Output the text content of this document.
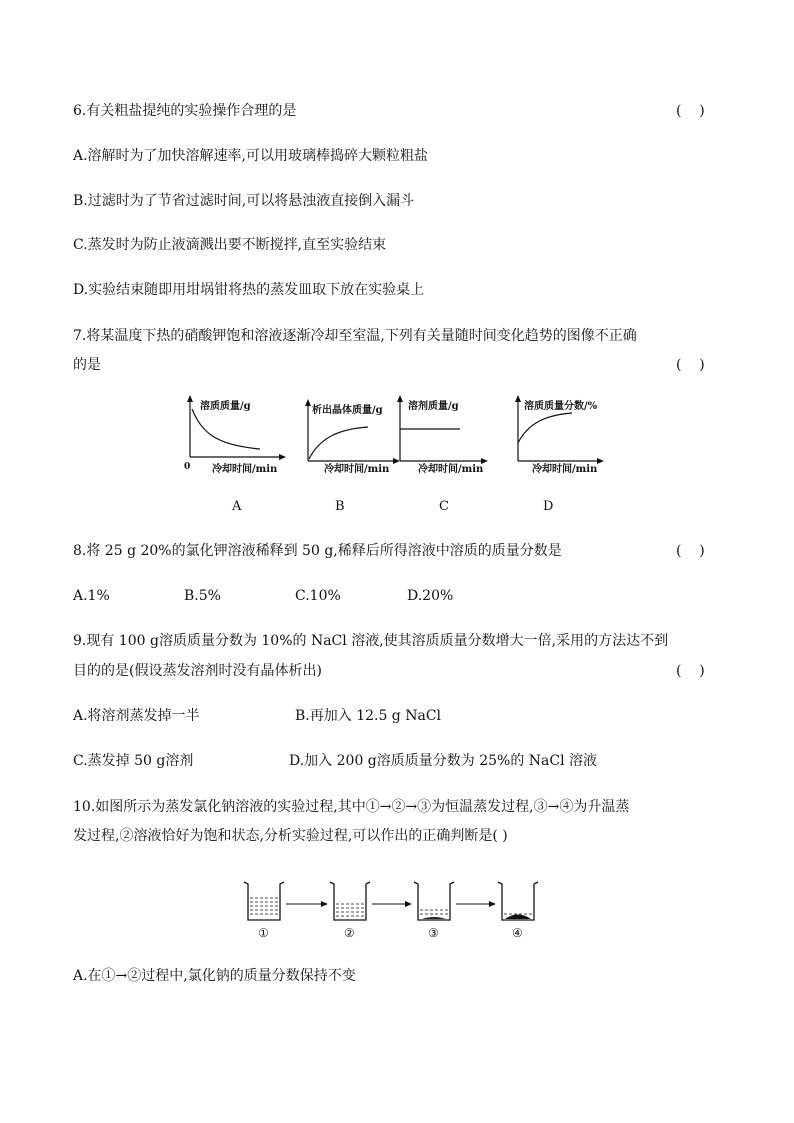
6.有关粗盐提纯的实验操作合理的是	(    )
A.溶解时为了加快溶解速率,可以用玻璃棒捣碎大颗粒粗盐
B.过滤时为了节省过滤时间,可以将悬浊液直接倒入漏斗
C.蒸发时为防止液滴溅出要不断搅拌,直至实验结束
D.实验结束随即用坩埚钳将热的蒸发皿取下放在实验桌上
7.将某温度下热的硝酸钾饱和溶液逐渐冷却至室温,下列有关量随时间变化趋势的图像不正确
的是	(    )
溶质质量/g
0 冷却时间/min
析出晶体质量/g
冷却时间/min
溶剂质量/g
冷却时间/min
溶质质量分数/%
冷却时间/min
A	B	C	D
8.将 25 g 20%的氯化钾溶液稀释到 50 g,稀释后所得溶液中溶质的质量分数是	(    )
A.1%	B.5%	C.10%	D.20%
9.现有 100 g溶质质量分数为 10%的 NaCl 溶液,使其溶质质量分数增大一倍,采用的方法达不到
目的的是(假设蒸发溶剂时没有晶体析出)	(    )
A.将溶剂蒸发掉一半	B.再加入 12.5 g NaCl
C.蒸发掉 50 g溶剂	D.加入 200 g溶质质量分数为 25%的 NaCl 溶液
10.如图所示为蒸发氯化钠溶液的实验过程,其中①→②→③为恒温蒸发过程,③→④为升温蒸
发过程,②溶液恰好为饱和状态,分析实验过程,可以作出的正确判断是( )
①	②	③	④
A.在①→②过程中,氯化钠的质量分数保持不变
